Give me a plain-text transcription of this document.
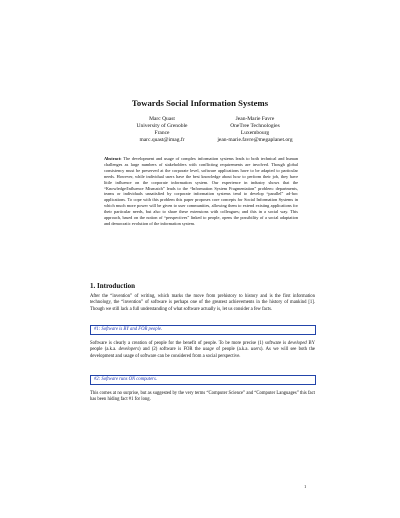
Towards Social Information Systems
Marc Quast
University of Grenoble
France
marc.quast@imag.fr
Jean-Marie Favre
OneTree Technologies
Luxembourg
jean-marie.favre@megaplanet.org
Abstract: The development and usage of complex information systems leads to both technical and human challenges as large numbers of stakeholders with conflicting requirements are involved. Though global consistency must be preserved at the corporate level, software applications have to be adapted to particular needs. However, while individual users have the best knowledge about how to perform their job, they have little influence on the corporate information system. Our experience in industry shows that the “Knowledge/Influence Mismatch” leads to the “Information System Fragmentation” problem: departments, teams or individuals unsatisfied by corporate information systems tend to develop “parallel” ad-hoc applications. To cope with this problem this paper proposes core concepts for Social Information Systems in which much more power will be given to user communities, allowing them to extend existing applications for their particular needs, but also to share these extensions with colleagues; and this in a social way. This approach, based on the notion of “perspectives” linked to people, opens the possibility of a social adaptation and democratic evolution of the information system.
1. Introduction
After the “invention” of writing, which marks the move from prehistory to history and is the first information technology, the “invention” of software is perhaps one of the greatest achievements in the history of mankind [1]. Though we still lack a full understanding of what software actually is, let us consider a few facts.
#1: Software is BY and FOR people.
Software is clearly a creation of people for the benefit of people. To be more precise (1) software is developed BY people (a.k.a. developers) and (2) software is FOR the usage of people (a.k.a. users). As we will see both the development and usage of software can be considered from a social perspective.
#2: Software runs ON computers.
This comes at no surprise, but as suggested by the very terms “Computer Science” and “Computer Languages” this fact has been hiding fact #1 for long.
1
